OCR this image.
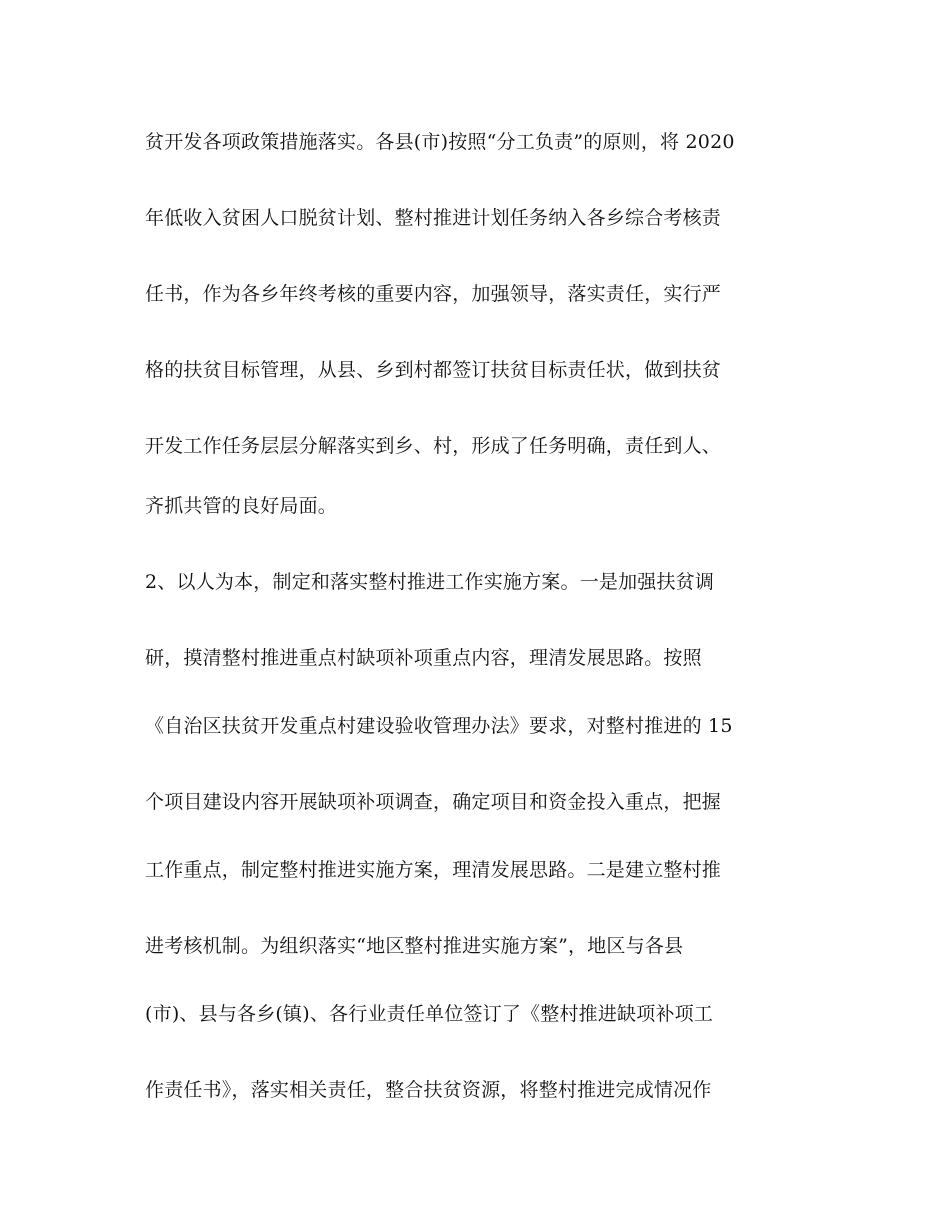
贫开发各项政策措施落实。各县(市)按照“分工负责”的原则，将 2020
年低收入贫困人口脱贫计划、整村推进计划任务纳入各乡综合考核责
任书，作为各乡年终考核的重要内容，加强领导，落实责任，实行严
格的扶贫目标管理，从县、乡到村都签订扶贫目标责任状，做到扶贫
开发工作任务层层分解落实到乡、村，形成了任务明确，责任到人、
齐抓共管的良好局面。
2、以人为本，制定和落实整村推进工作实施方案。一是加强扶贫调
研，摸清整村推进重点村缺项补项重点内容，理清发展思路。按照
《自治区扶贫开发重点村建设验收管理办法》要求，对整村推进的 15
个项目建设内容开展缺项补项调查，确定项目和资金投入重点，把握
工作重点，制定整村推进实施方案，理清发展思路。二是建立整村推
进考核机制。为组织落实“地区整村推进实施方案”，地区与各县
(市)、县与各乡(镇)、各行业责任单位签订了《整村推进缺项补项工
作责任书》，落实相关责任，整合扶贫资源，将整村推进完成情况作
